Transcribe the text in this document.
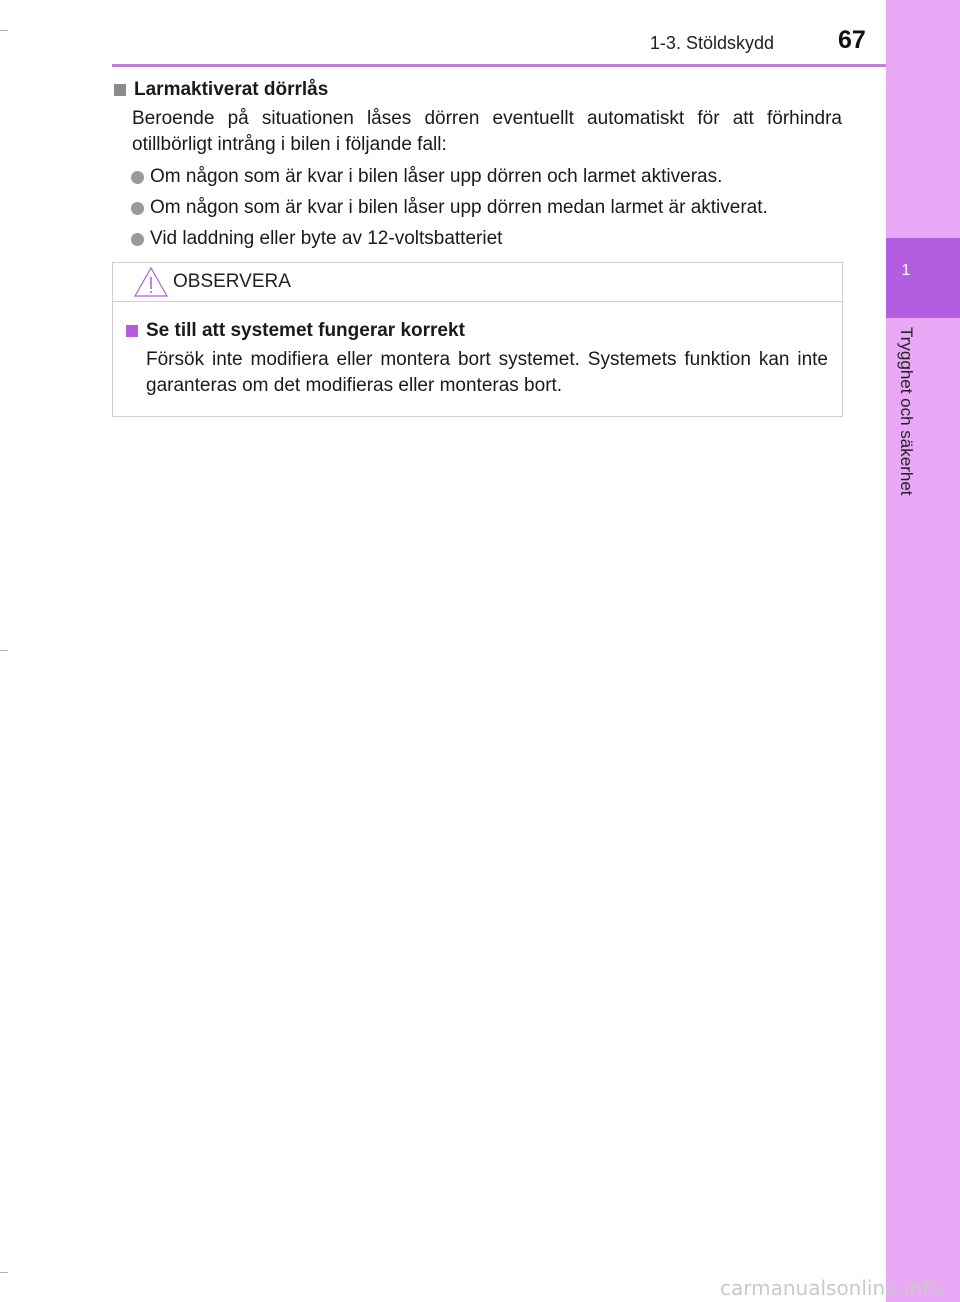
1
Trygghet och säkerhet
1-3. Stöldskydd	67
Larmaktiverat dörrlås
Beroende på situationen låses dörren eventuellt automatiskt för att förhindra otillbörligt intrång i bilen i följande fall:
Om någon som är kvar i bilen låser upp dörren och larmet aktiveras.
Om någon som är kvar i bilen låser upp dörren medan larmet är aktiverat.
Vid laddning eller byte av 12-voltsbatteriet
OBSERVERA
Se till att systemet fungerar korrekt
Försök inte modifiera eller montera bort systemet. Systemets funktion kan inte garanteras om det modifieras eller monteras bort.
carmanualsonline.info
